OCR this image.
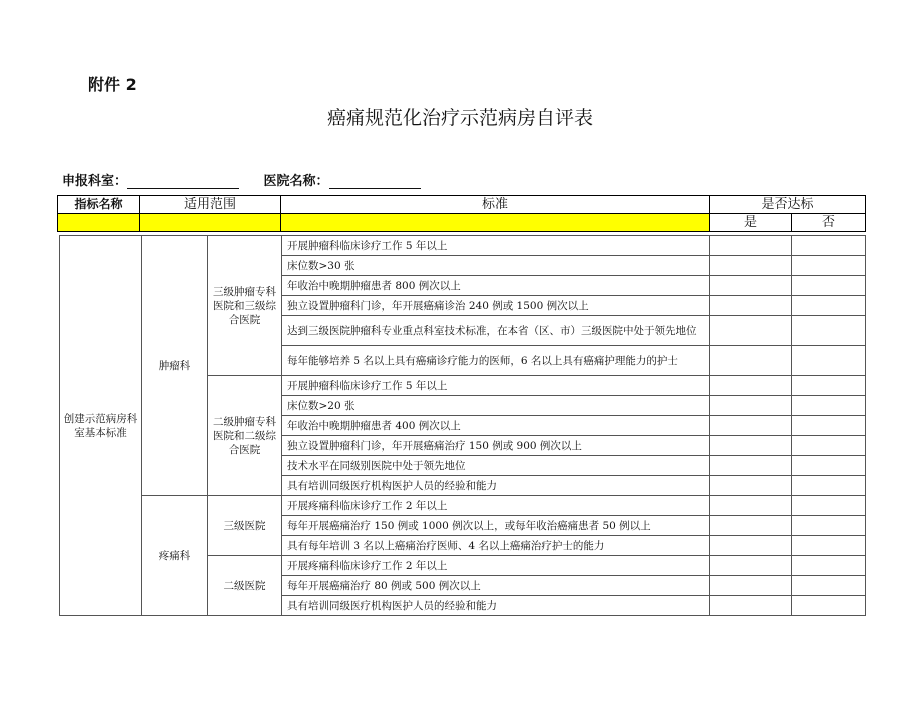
附件 2
癌痛规范化治疗示范病房自评表
申报科室：	医院名称：
指标名称	适用范围	标准	是否达标	
			是	否
创建示范病房科室基本标准	肿瘤科	三级肿瘤专科医院和三级综合医院	开展肿瘤科临床诊疗工作 5 年以上		
			床位数>30 张		
			年收治中晚期肿瘤患者 800 例次以上		
			独立设置肿瘤科门诊，年开展癌痛诊治 240 例或 1500 例次以上		
			达到三级医院肿瘤科专业重点科室技术标准，在本省（区、市）三级医院中处于领先地位		
			每年能够培养 5 名以上具有癌痛诊疗能力的医师，6 名以上具有癌痛护理能力的护士		
		二级肿瘤专科医院和二级综合医院	开展肿瘤科临床诊疗工作 5 年以上		
			床位数>20 张		
			年收治中晚期肿瘤患者 400 例次以上		
			独立设置肿瘤科门诊，年开展癌痛治疗 150 例或 900 例次以上		
			技术水平在同级别医院中处于领先地位		
			具有培训同级医疗机构医护人员的经验和能力		
	疼痛科	三级医院	开展疼痛科临床诊疗工作 2 年以上		
			每年开展癌痛治疗 150 例或 1000 例次以上，或每年收治癌痛患者 50 例以上		
			具有每年培训 3 名以上癌痛治疗医师、4 名以上癌痛治疗护士的能力		
		二级医院	开展疼痛科临床诊疗工作 2 年以上		
			每年开展癌痛治疗 80 例或 500 例次以上		
			具有培训同级医疗机构医护人员的经验和能力		
